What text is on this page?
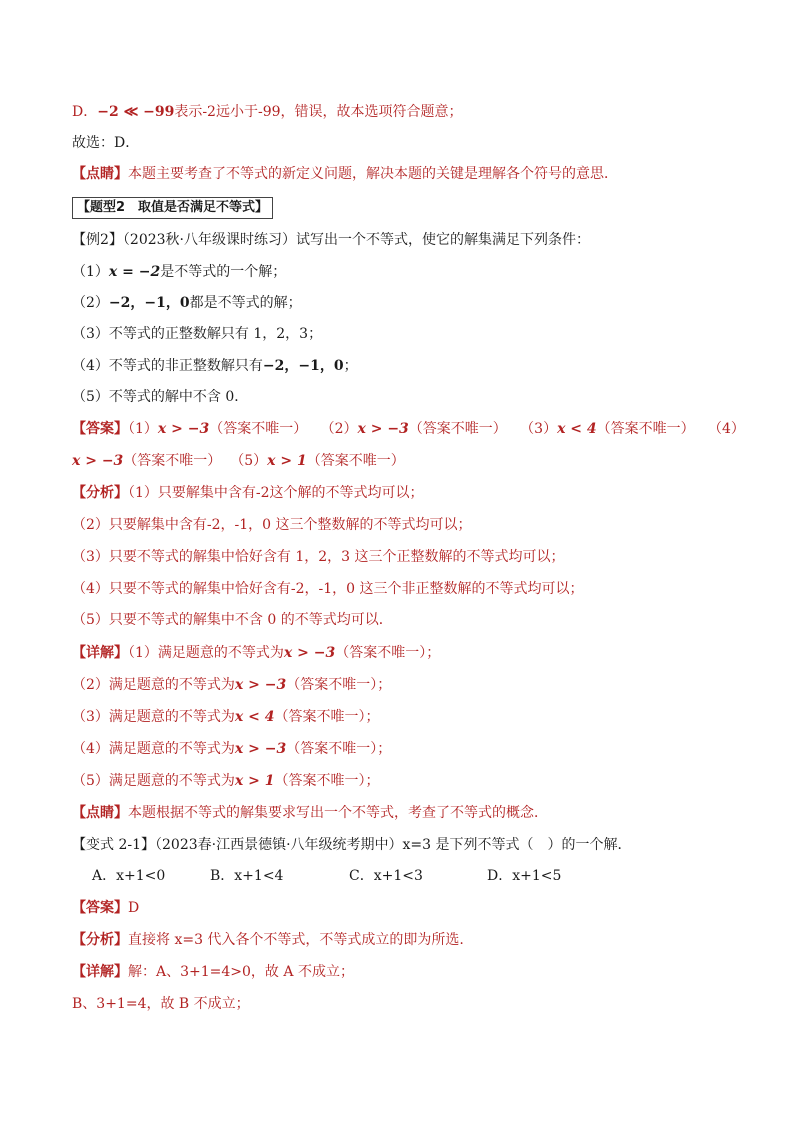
D．−2 ≪ −99表示-2远小于-99，错误，故本选项符合题意；
故选：D．
【点睛】本题主要考查了不等式的新定义问题，解决本题的关键是理解各个符号的意思．
【题型2　取值是否满足不等式】
【例2】（2023秋·八年级课时练习）试写出一个不等式，使它的解集满足下列条件：
（1）x = −2是不等式的一个解；
（2）−2，−1，0都是不等式的解；
（3）不等式的正整数解只有 1，2，3；
（4）不等式的非正整数解只有−2，−1，0；
（5）不等式的解中不含 0．
【答案】（1）x > −3（答案不唯一） （2）x > −3（答案不唯一） （3）x < 4（答案不唯一） （4）
x > −3（答案不唯一） （5）x > 1（答案不唯一）
【分析】（1）只要解集中含有-2这个解的不等式均可以；
（2）只要解集中含有-2，-1，0 这三个整数解的不等式均可以；
（3）只要不等式的解集中恰好含有 1，2，3 这三个正整数解的不等式均可以；
（4）只要不等式的解集中恰好含有-2，-1，0 这三个非正整数解的不等式均可以；
（5）只要不等式的解集中不含 0 的不等式均可以．
【详解】（1）满足题意的不等式为x > −3（答案不唯一）；
（2）满足题意的不等式为x > −3（答案不唯一）；
（3）满足题意的不等式为x < 4（答案不唯一）；
（4）满足题意的不等式为x > −3（答案不唯一）；
（5）满足题意的不等式为x > 1（答案不唯一）；
【点睛】本题根据不等式的解集要求写出一个不等式，考查了不等式的概念．
【变式 2-1】（2023春·江西景德镇·八年级统考期中）x=3 是下列不等式（　）的一个解．
A．x+1<0	B．x+1<4	C．x+1<3	D．x+1<5
【答案】D
【分析】直接将 x=3 代入各个不等式，不等式成立的即为所选.
【详解】解：A、3+1=4>0，故 A 不成立；
B、3+1=4，故 B 不成立；
